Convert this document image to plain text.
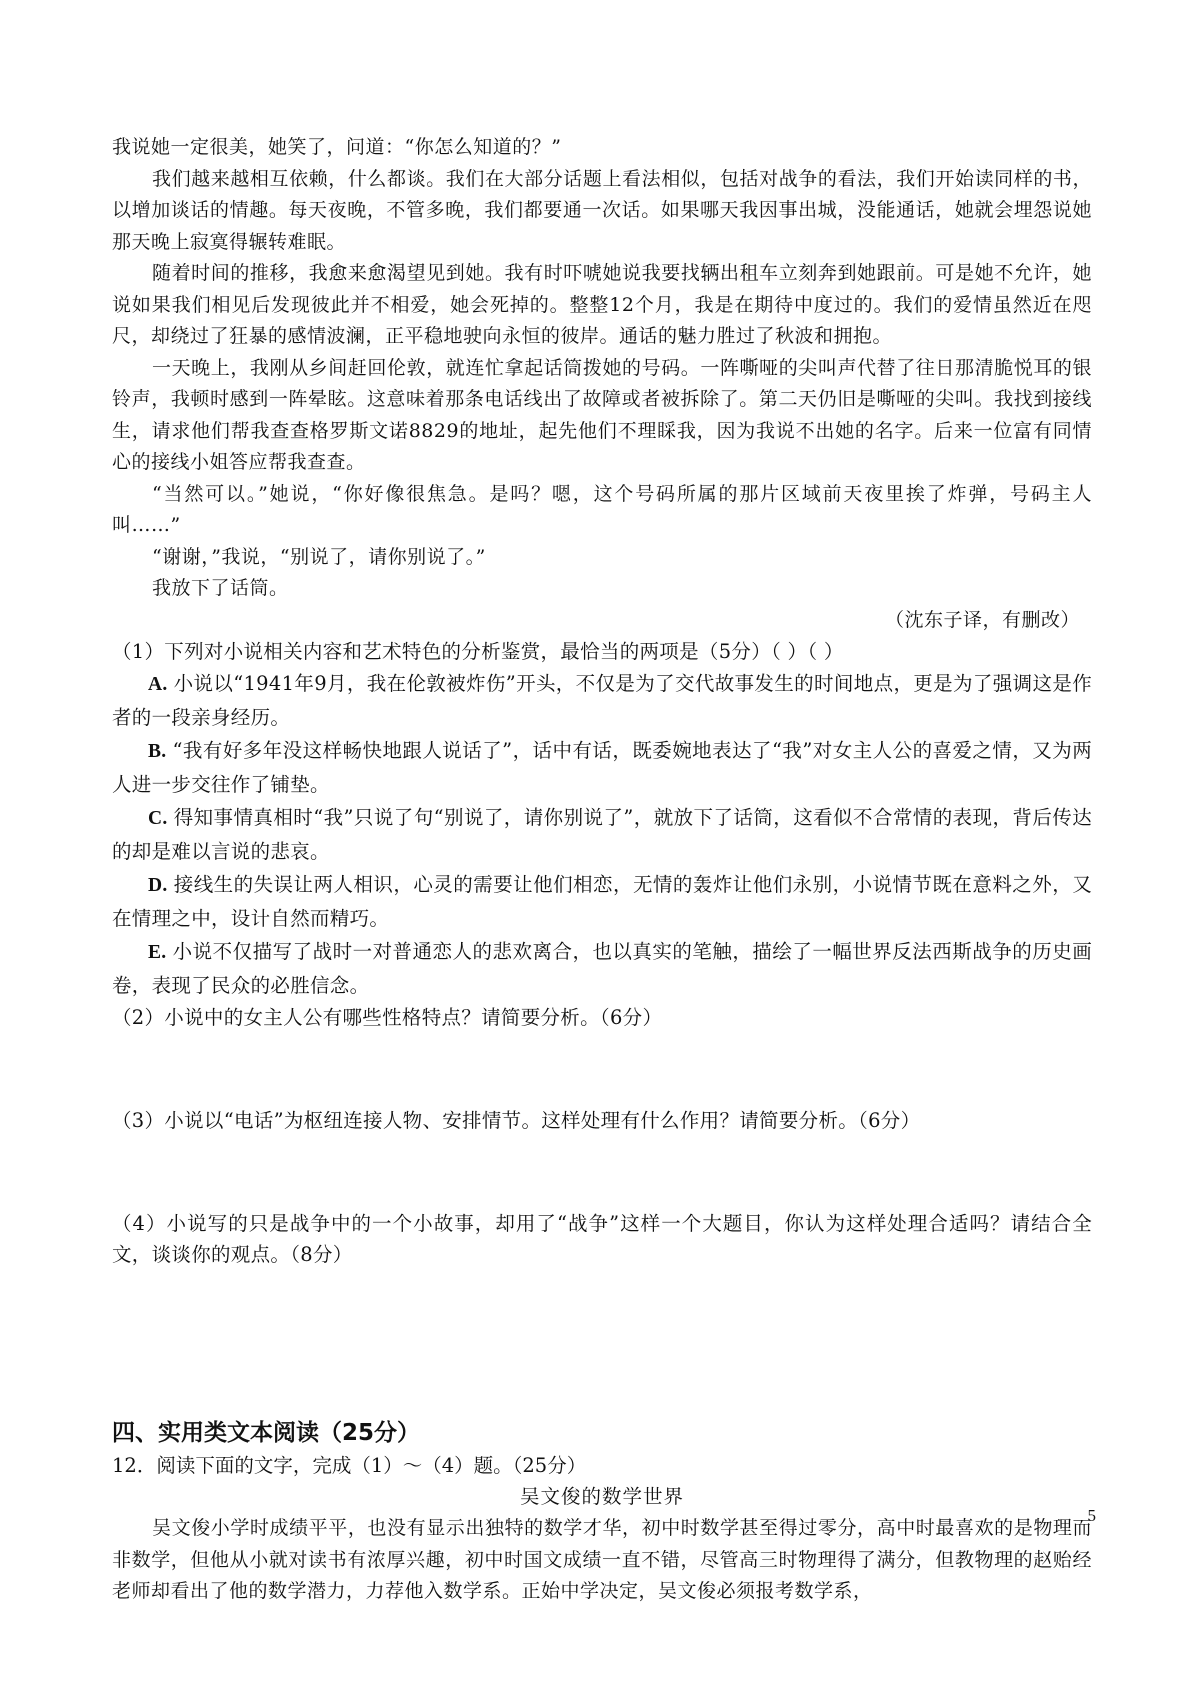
我说她一定很美，她笑了，问道：“你怎么知道的？”

我们越来越相互依赖，什么都谈。我们在大部分话题上看法相似，包括对战争的看法，我们开始读同样的书，以增加谈话的情趣。每天夜晚，不管多晚，我们都要通一次话。如果哪天我因事出城，没能通话，她就会埋怨说她那天晚上寂寞得辗转难眠。

随着时间的推移，我愈来愈渴望见到她。我有时吓唬她说我要找辆出租车立刻奔到她跟前。可是她不允许，她说如果我们相见后发现彼此并不相爱，她会死掉的。整整12个月，我是在期待中度过的。我们的爱情虽然近在咫尺，却绕过了狂暴的感情波澜，正平稳地驶向永恒的彼岸。通话的魅力胜过了秋波和拥抱。

一天晚上，我刚从乡间赶回伦敦，就连忙拿起话筒拨她的号码。一阵嘶哑的尖叫声代替了往日那清脆悦耳的银铃声，我顿时感到一阵晕眩。这意味着那条电话线出了故障或者被拆除了。第二天仍旧是嘶哑的尖叫。我找到接线生，请求他们帮我查查格罗斯文诺8829的地址，起先他们不理睬我，因为我说不出她的名字。后来一位富有同情心的接线小姐答应帮我查查。

“当然可以。”她说，“你好像很焦急。是吗？嗯，这个号码所属的那片区域前天夜里挨了炸弹，号码主人叫……”

“谢谢，”我说，“别说了，请你别说了。”

我放下了话筒。

（沈东子译，有删改）

（1）下列对小说相关内容和艺术特色的分析鉴赏，最恰当的两项是（5分）（ ）（ ）

A. 小说以“1941年9月，我在伦敦被炸伤”开头，不仅是为了交代故事发生的时间地点，更是为了强调这是作者的一段亲身经历。

B. “我有好多年没这样畅快地跟人说话了”，话中有话，既委婉地表达了“我”对女主人公的喜爱之情，又为两人进一步交往作了铺垫。

C. 得知事情真相时“我”只说了句“别说了，请你别说了”，就放下了话筒，这看似不合常情的表现，背后传达的却是难以言说的悲哀。

D. 接线生的失误让两人相识，心灵的需要让他们相恋，无情的轰炸让他们永别，小说情节既在意料之外，又在情理之中，设计自然而精巧。

E. 小说不仅描写了战时一对普通恋人的悲欢离合，也以真实的笔触，描绘了一幅世界反法西斯战争的历史画卷，表现了民众的必胜信念。

（2）小说中的女主人公有哪些性格特点？请简要分析。（6分）

（3）小说以“电话”为枢纽连接人物、安排情节。这样处理有什么作用？请简要分析。（6分）

（4）小说写的只是战争中的一个小故事，却用了“战争”这样一个大题目，你认为这样处理合适吗？请结合全文，谈谈你的观点。（8分）

四、实用类文本阅读（25分）

12．阅读下面的文字，完成（1）～（4）题。（25分）

吴文俊的数学世界

吴文俊小学时成绩平平，也没有显示出独特的数学才华，初中时数学甚至得过零分，高中时最喜欢的是物理而非数学，但他从小就对读书有浓厚兴趣，初中时国文成绩一直不错，尽管高三时物理得了满分，但教物理的赵贻经老师却看出了他的数学潜力，力荐他入数学系。正始中学决定，吴文俊必须报考数学系，

5
